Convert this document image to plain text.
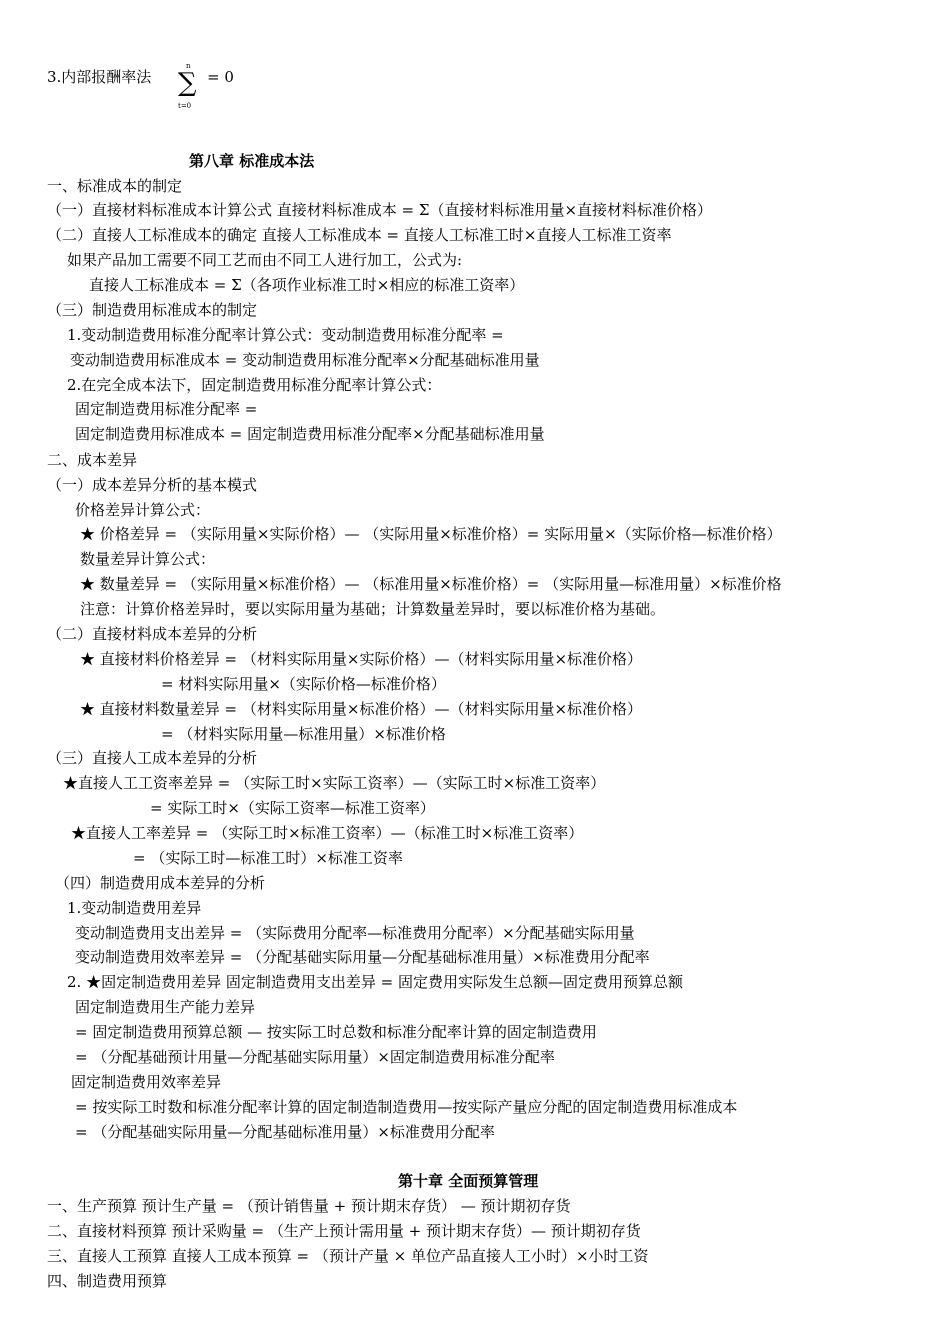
3.内部报酬率法
n
∑
t=0
= 0
第八章 标准成本法
一、标准成本的制定
（一）直接材料标准成本计算公式 直接材料标准成本 = Σ（直接材料标准用量×直接材料标准价格）
（二）直接人工标准成本的确定 直接人工标准成本 = 直接人工标准工时×直接人工标准工资率
如果产品加工需要不同工艺而由不同工人进行加工，公式为:
直接人工标准成本 = Σ（各项作业标准工时×相应的标准工资率）
（三）制造费用标准成本的制定
1.变动制造费用标准分配率计算公式：变动制造费用标准分配率 =
变动制造费用标准成本 = 变动制造费用标准分配率×分配基础标准用量
2.在完全成本法下，固定制造费用标准分配率计算公式：
固定制造费用标准分配率 =
固定制造费用标准成本 = 固定制造费用标准分配率×分配基础标准用量
二、成本差异
（一）成本差异分析的基本模式
价格差异计算公式：
★ 价格差异 = （实际用量×实际价格）— （实际用量×标准价格）= 实际用量×（实际价格—标准价格）
数量差异计算公式：
★ 数量差异 = （实际用量×标准价格）— （标准用量×标准价格）= （实际用量—标准用量）×标准价格
注意：计算价格差异时，要以实际用量为基础；计算数量差异时，要以标准价格为基础。
（二）直接材料成本差异的分析
★ 直接材料价格差异 = （材料实际用量×实际价格）—（材料实际用量×标准价格）
= 材料实际用量×（实际价格—标准价格）
★ 直接材料数量差异 = （材料实际用量×标准价格）—（材料实际用量×标准价格）
= （材料实际用量—标准用量）×标准价格
（三）直接人工成本差异的分析
★直接人工工资率差异 = （实际工时×实际工资率）—（实际工时×标准工资率）
= 实际工时×（实际工资率—标准工资率）
★直接人工率差异 = （实际工时×标准工资率）—（标准工时×标准工资率）
= （实际工时—标准工时）×标准工资率
（四）制造费用成本差异的分析
1.变动制造费用差异
变动制造费用支出差异 = （实际费用分配率—标准费用分配率）×分配基础实际用量
变动制造费用效率差异 = （分配基础实际用量—分配基础标准用量）×标准费用分配率
2. ★固定制造费用差异 固定制造费用支出差异 = 固定费用实际发生总额—固定费用预算总额
固定制造费用生产能力差异
= 固定制造费用预算总额 — 按实际工时总数和标准分配率计算的固定制造费用
= （分配基础预计用量—分配基础实际用量）×固定制造费用标准分配率
固定制造费用效率差异
= 按实际工时数和标准分配率计算的固定制造制造费用—按实际产量应分配的固定制造费用标准成本
= （分配基础实际用量—分配基础标准用量）×标准费用分配率
第十章 全面预算管理
一、生产预算 预计生产量 = （预计销售量 + 预计期末存货） — 预计期初存货
二、直接材料预算 预计采购量 = （生产上预计需用量 + 预计期末存货）— 预计期初存货
三、直接人工预算 直接人工成本预算 = （预计产量 × 单位产品直接人工小时）×小时工资
四、制造费用预算
